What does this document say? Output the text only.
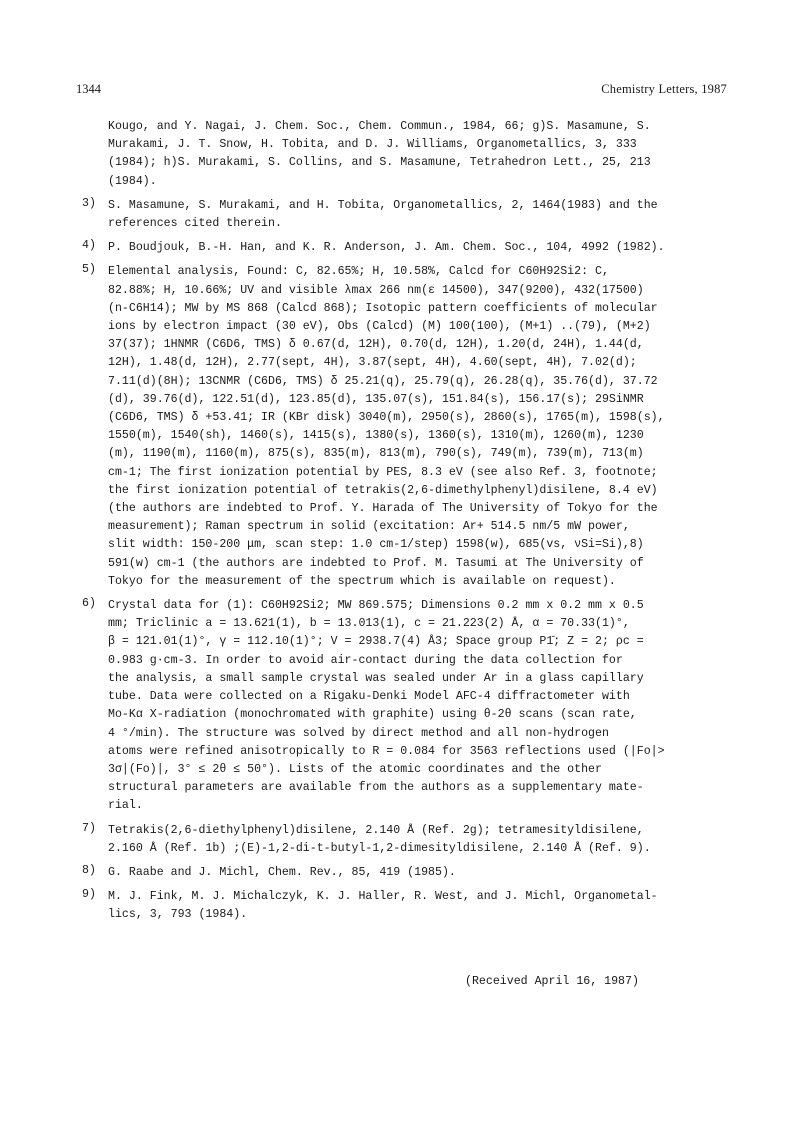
1344	Chemistry Letters, 1987
Kougo, and Y. Nagai, J. Chem. Soc., Chem. Commun., 1984, 66; g)S. Masamune, S.
Murakami, J. T. Snow, H. Tobita, and D. J. Williams, Organometallics, 3, 333
(1984); h)S. Murakami, S. Collins, and S. Masamune, Tetrahedron Lett., 25, 213
(1984).
3)	S. Masamune, S. Murakami, and H. Tobita, Organometallics, 2, 1464(1983) and the
references cited therein.
4)	P. Boudjouk, B.-H. Han, and K. R. Anderson, J. Am. Chem. Soc., 104, 4992 (1982).
5)	Elemental analysis, Found: C, 82.65%; H, 10.58%, Calcd for C60H92Si2: C,
82.88%; H, 10.66%; UV and visible λmax 266 nm(ε 14500), 347(9200), 432(17500)
(n-C6H14); MW by MS 868 (Calcd 868); Isotopic pattern coefficients of molecular
ions by electron impact (30 eV), Obs (Calcd) (M) 100(100), (M+1) ..(79), (M+2)
37(37); 1HNMR (C6D6, TMS) δ 0.67(d, 12H), 0.70(d, 12H), 1.20(d, 24H), 1.44(d,
12H), 1.48(d, 12H), 2.77(sept, 4H), 3.87(sept, 4H), 4.60(sept, 4H), 7.02(d);
7.11(d)(8H); 13CNMR (C6D6, TMS) δ 25.21(q), 25.79(q), 26.28(q), 35.76(d), 37.72
(d), 39.76(d), 122.51(d), 123.85(d), 135.07(s), 151.84(s), 156.17(s); 29SiNMR
(C6D6, TMS) δ +53.41; IR (KBr disk) 3040(m), 2950(s), 2860(s), 1765(m), 1598(s),
1550(m), 1540(sh), 1460(s), 1415(s), 1380(s), 1360(s), 1310(m), 1260(m), 1230
(m), 1190(m), 1160(m), 875(s), 835(m), 813(m), 790(s), 749(m), 739(m), 713(m)
cm-1; The first ionization potential by PES, 8.3 eV (see also Ref. 3, footnote;
the first ionization potential of tetrakis(2,6-dimethylphenyl)disilene, 8.4 eV)
(the authors are indebted to Prof. Y. Harada of The University of Tokyo for the
measurement); Raman spectrum in solid (excitation: Ar+ 514.5 nm/5 mW power,
slit width: 150-200 μm, scan step: 1.0 cm-1/step) 1598(w), 685(vs, νSi=Si),8)
591(w) cm-1 (the authors are indebted to Prof. M. Tasumi at The University of
Tokyo for the measurement of the spectrum which is available on request).
6)	Crystal data for (1): C60H92Si2; MW 869.575; Dimensions 0.2 mm x 0.2 mm x 0.5
mm; Triclinic a = 13.621(1), b = 13.013(1), c = 21.223(2) Å, α = 70.33(1)°,
β = 121.01(1)°, γ = 112.10(1)°; V = 2938.7(4) Å3; Space group P1̄; Z = 2; ρc =
0.983 g·cm-3. In order to avoid air-contact during the data collection for
the analysis, a small sample crystal was sealed under Ar in a glass capillary
tube. Data were collected on a Rigaku-Denki Model AFC-4 diffractometer with
Mo-Kα X-radiation (monochromated with graphite) using θ-2θ scans (scan rate,
4 °/min). The structure was solved by direct method and all non-hydrogen
atoms were refined anisotropically to R = 0.084 for 3563 reflections used (|Fo|>
3σ|(Fo)|, 3° ≤ 2θ ≤ 50°). Lists of the atomic coordinates and the other
structural parameters are available from the authors as a supplementary mate-
rial.
7)	Tetrakis(2,6-diethylphenyl)disilene, 2.140 Å (Ref. 2g); tetramesityldisilene,
2.160 Å (Ref. 1b) ;(E)-1,2-di-t-butyl-1,2-dimesityldisilene, 2.140 Å (Ref. 9).
8)	G. Raabe and J. Michl, Chem. Rev., 85, 419 (1985).
9)	M. J. Fink, M. J. Michalczyk, K. J. Haller, R. West, and J. Michl, Organometal-
lics, 3, 793 (1984).
(Received April 16, 1987)
